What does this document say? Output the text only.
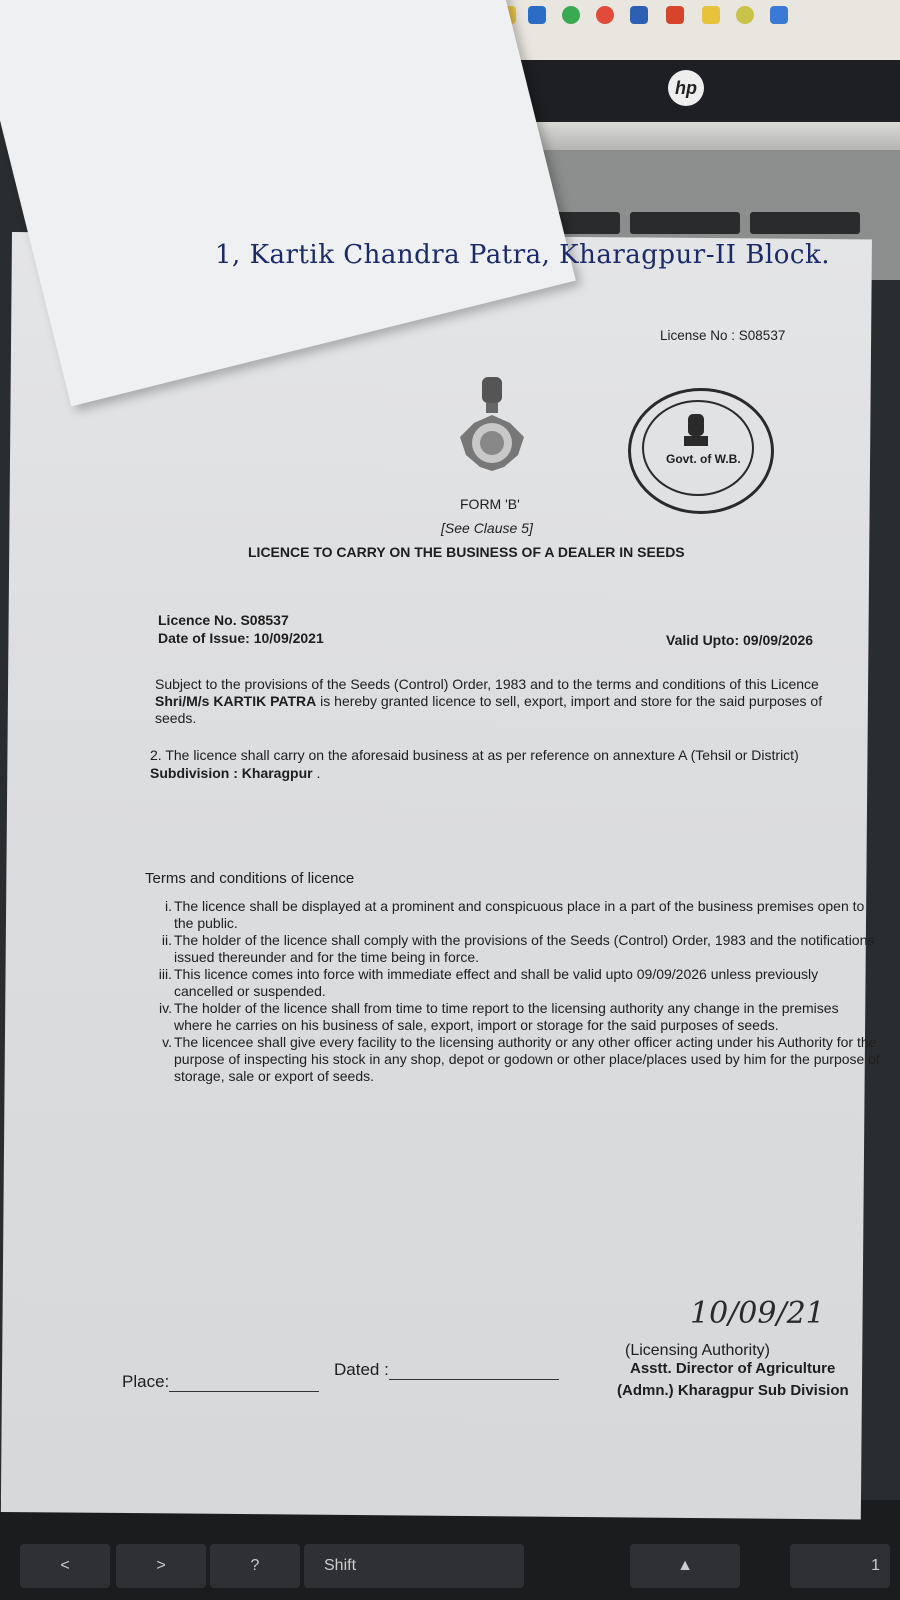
hp
<	>	?	Shift	▲	1
1, Kartik Chandra Patra, Kharagpur-II Block.
License No : S08537
Govt. of W.B.
FORM 'B'
[See Clause 5]
LICENCE TO CARRY ON THE BUSINESS OF A DEALER IN SEEDS
Licence No. S08537
Date of Issue: 10/09/2021	Valid Upto: 09/09/2026
Subject to the provisions of the Seeds (Control) Order, 1983 and to the terms and conditions of this Licence Shri/M/s KARTIK PATRA is hereby granted licence to sell, export, import and store for the said purposes of seeds.
2. The licence shall carry on the aforesaid business at as per reference on annexture A (Tehsil or District) Subdivision : Kharagpur .
Terms and conditions of licence
i. The licence shall be displayed at a prominent and conspicuous place in a part of the business premises open to the public.
ii. The holder of the licence shall comply with the provisions of the Seeds (Control) Order, 1983 and the notifications issued thereunder and for the time being in force.
iii. This licence comes into force with immediate effect and shall be valid upto 09/09/2026 unless previously cancelled or suspended.
iv. The holder of the licence shall from time to time report to the licensing authority any change in the premises where he carries on his business of sale, export, import or storage for the said purposes of seeds.
v. The licencee shall give every facility to the licensing authority or any other officer acting under his Authority for the purpose of inspecting his stock in any shop, depot or godown or other place/places used by him for the purpose of storage, sale or export of seeds.
Place:
Dated :
10/09/21
(Licensing Authority)
Asstt. Director of Agriculture
(Admn.) Kharagpur Sub Division
